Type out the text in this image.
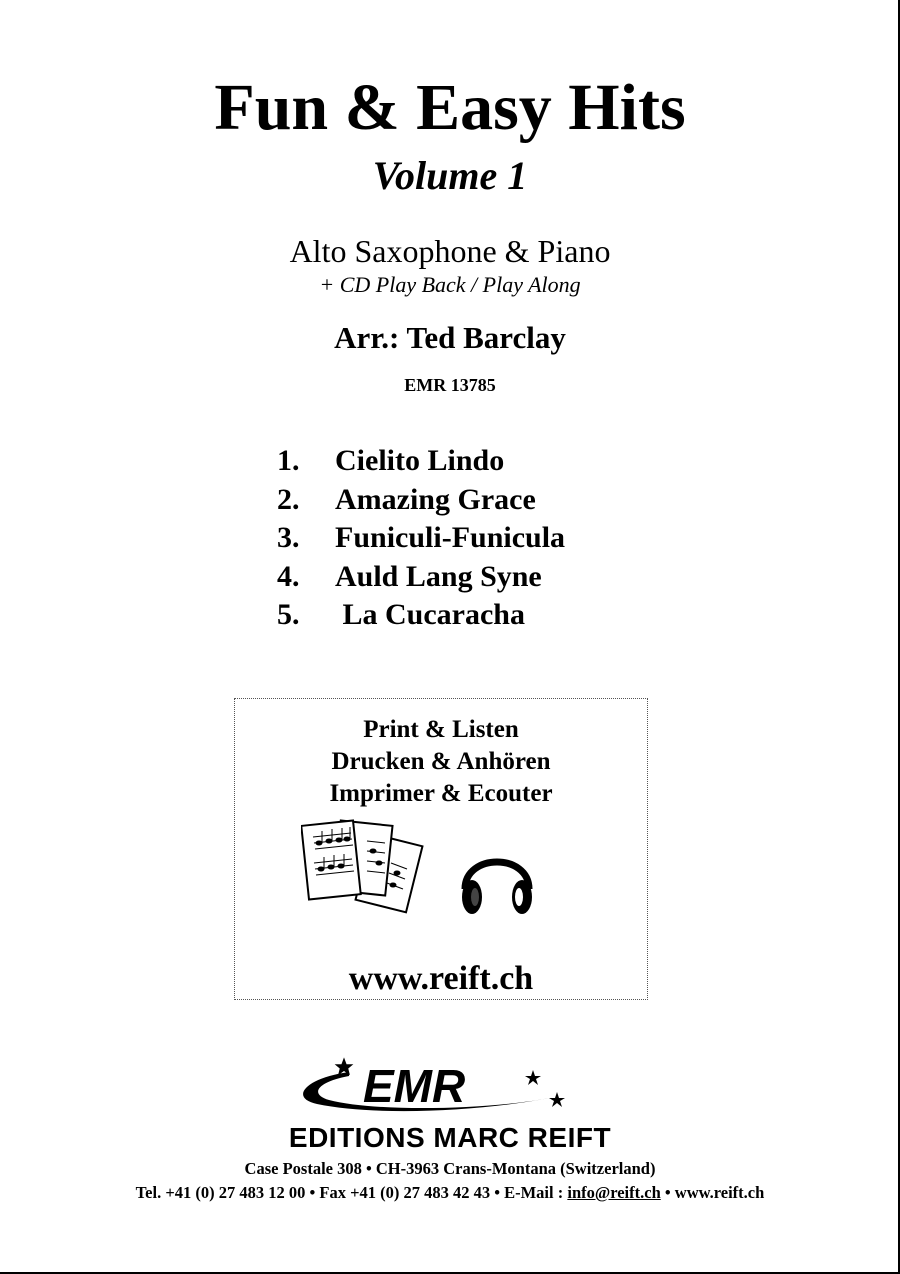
Fun & Easy Hits
Volume 1
Alto Saxophone & Piano
+ CD Play Back / Play Along
Arr.: Ted Barclay
EMR 13785
1. Cielito Lindo
2. Amazing Grace
3. Funiculi-Funicula
4. Auld Lang Syne
5. La Cucaracha
Print & Listen
Drucken & Anhören
Imprimer & Ecouter
www.reift.ch
EMR
EDITIONS MARC REIFT
Case Postale 308 • CH-3963 Crans-Montana (Switzerland)
Tel. +41 (0) 27 483 12 00 • Fax +41 (0) 27 483 42 43 • E-Mail : info@reift.ch • www.reift.ch
